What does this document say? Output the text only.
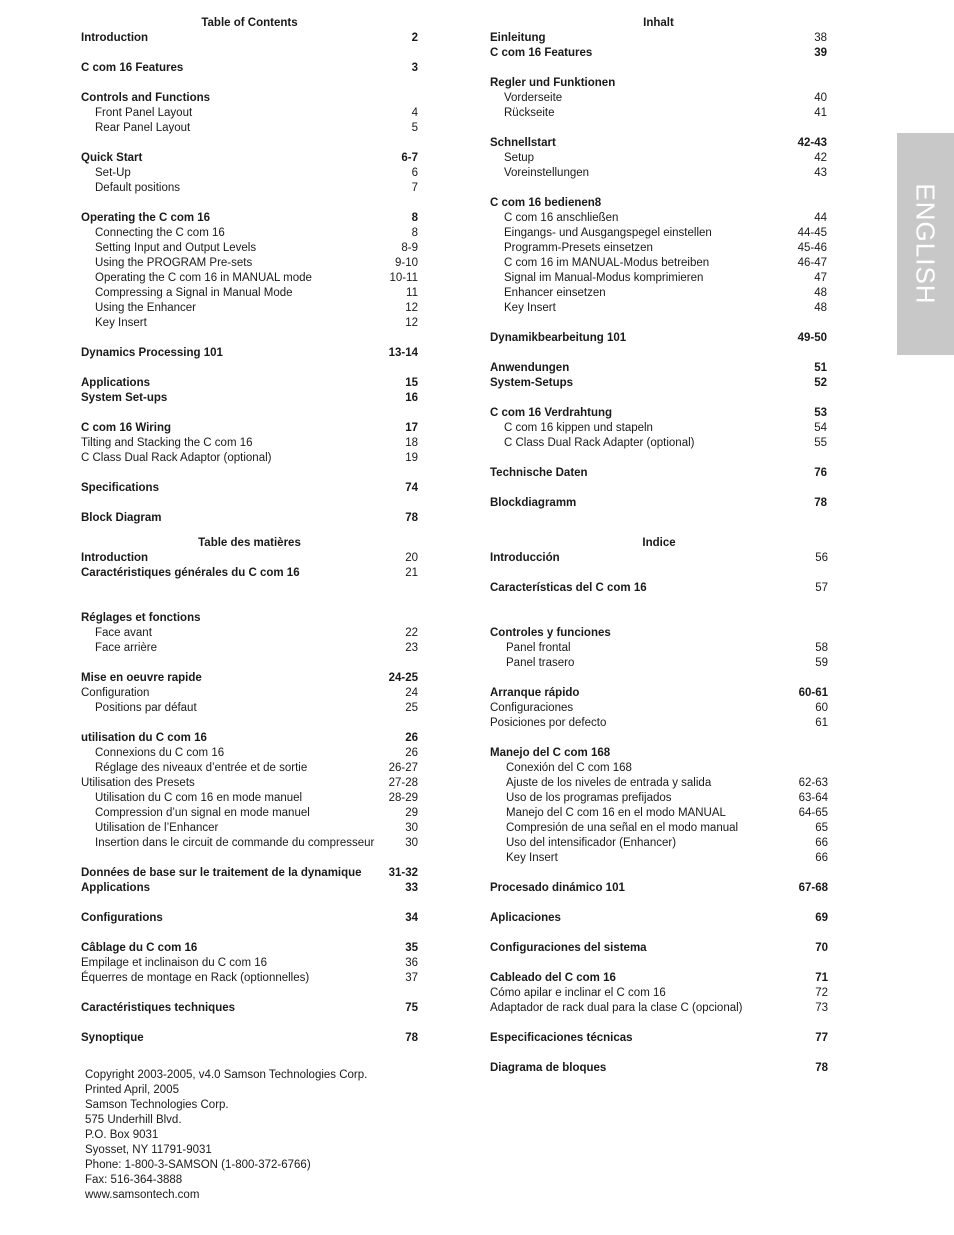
Table of Contents
Introduction	2
C com 16 Features	3
Controls and Functions
Front Panel Layout	4
Rear Panel Layout	5
Quick Start	6-7
Set-Up	6
Default positions	7
Operating the C com 16	8
Connecting the C com 16	8
Setting Input and Output Levels	8-9
Using the PROGRAM Pre-sets	9-10
Operating the C com 16 in MANUAL mode	10-11
Compressing a Signal in Manual Mode	11
Using the Enhancer	12
Key Insert	12
Dynamics Processing 101	13-14
Applications	15
System Set-ups	16
C com 16 Wiring	17
Tilting and Stacking the C com 16	18
C Class Dual Rack Adaptor (optional)	19
Specifications	74
Block Diagram	78
Inhalt
Einleitung	38
C com 16 Features	39
Regler und Funktionen
Vorderseite	40
Rückseite	41
Schnellstart	42-43
Setup	42
Voreinstellungen	43
C com 16 bedienen8
C com 16 anschließen	44
Eingangs- und Ausgangspegel einstellen	44-45
Programm-Presets einsetzen	45-46
C com 16 im MANUAL-Modus betreiben	46-47
Signal im Manual-Modus komprimieren	47
Enhancer einsetzen	48
Key Insert	48
Dynamikbearbeitung 101	49-50
Anwendungen	51
System-Setups	52
C com 16 Verdrahtung	53
C com 16 kippen und stapeln	54
C Class Dual Rack Adapter (optional)	55
Technische Daten	76
Blockdiagramm	78
Table des matières
Introduction	20
Caractéristiques générales du C com 16	21
Réglages et fonctions
Face avant	22
Face arrière	23
Mise en oeuvre rapide	24-25
Configuration	24
Positions par défaut	25
utilisation du C com 16	26
Connexions du C com 16	26
Réglage des niveaux d’entrée et de sortie	26-27
Utilisation des Presets	27-28
Utilisation du C com 16 en mode manuel	28-29
Compression d’un signal en mode manuel	29
Utilisation de l’Enhancer	30
Insertion dans le circuit de commande du compresseur	30
Données de base sur le traitement de la dynamique 31-32
Applications	33
Configurations	34
Câblage du C com 16	35
Empilage et inclinaison du C com 16	36
Équerres de montage en Rack (optionnelles)	37
Caractéristiques techniques	75
Synoptique	78
Indice
Introducción	56
Características del C com 16	57
Controles y funciones
Panel frontal	58
Panel trasero	59
Arranque rápido	60-61
Configuraciones	60
Posiciones por defecto	61
Manejo del C com 168
Conexión del C com 168
Ajuste de los niveles de entrada y salida	62-63
Uso de los programas prefijados	63-64
Manejo del C com 16 en el modo MANUAL	64-65
Compresión de una señal en el modo manual	65
Uso del intensificador (Enhancer)	66
Key Insert	66
Procesado dinámico 101	67-68
Aplicaciones	69
Configuraciones del sistema	70
Cableado del C com 16	71
Cómo apilar e inclinar el C com 16	72
Adaptador de rack dual para la clase C (opcional)	73
Especificaciones técnicas	77
Diagrama de bloques	78
ENGLISH
Copyright 2003-2005, v4.0 Samson Technologies Corp.
Printed April, 2005
Samson Technologies Corp.
575 Underhill Blvd.
P.O. Box 9031
Syosset, NY 11791-9031
Phone: 1-800-3-SAMSON (1-800-372-6766)
Fax: 516-364-3888
www.samsontech.com
